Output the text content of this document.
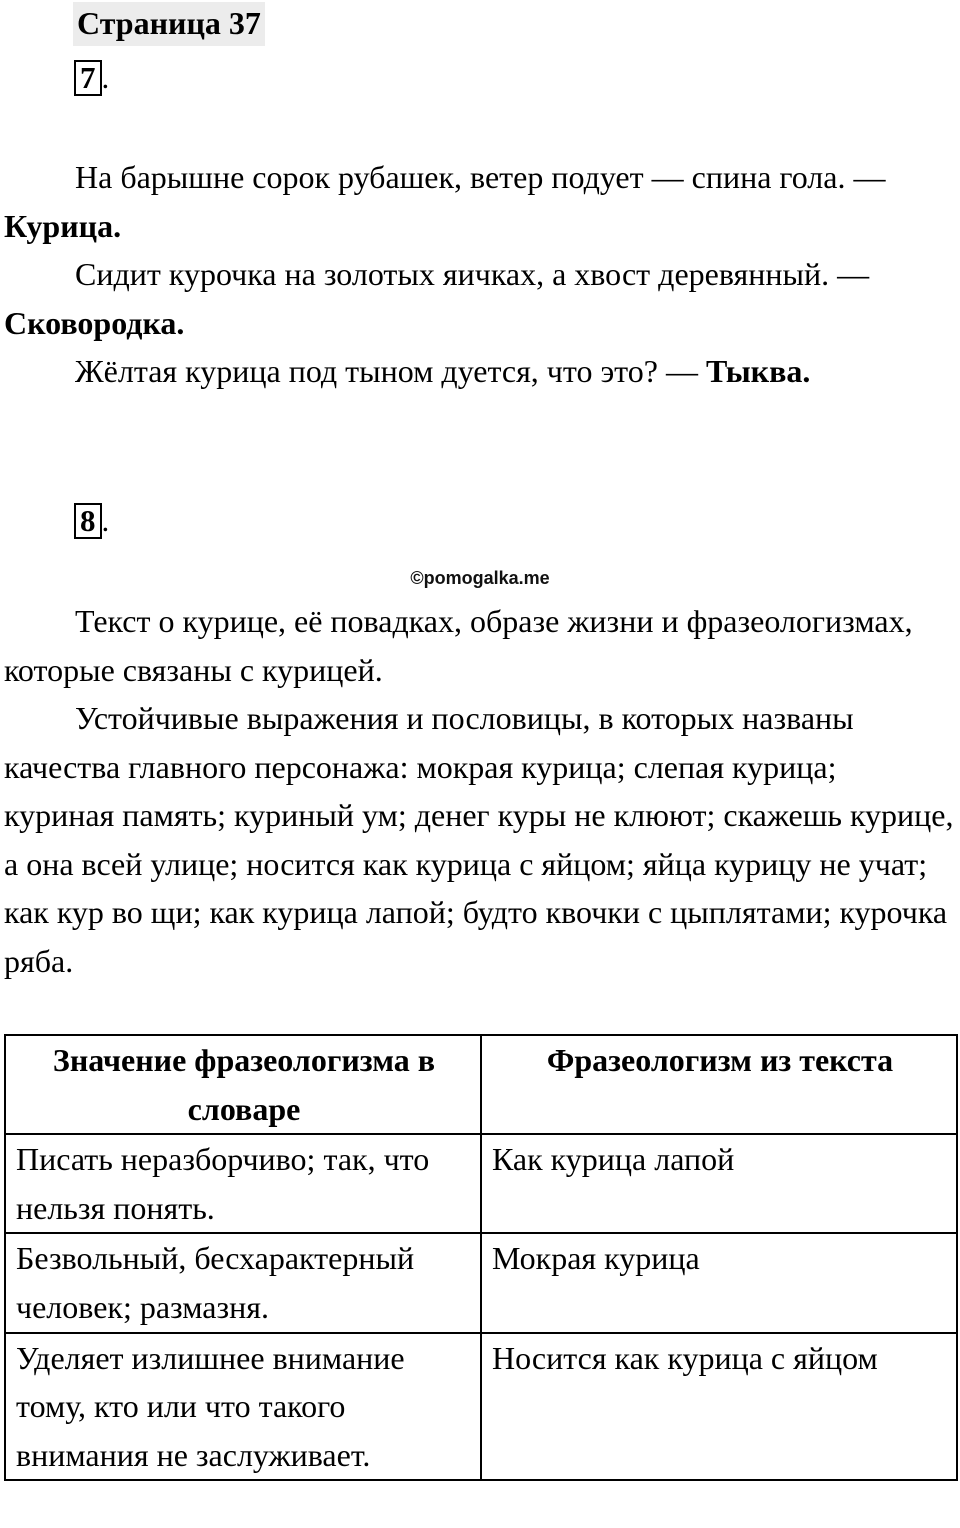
Страница 37
7 .

На барышне сорок рубашек, ветер подует — спина гола. — Курица.

Сидит курочка на золотых яичках, а хвост деревянный. — Сковородка.

Жёлтая курица под тыном дуется, что это? — Тыква.

8 .
©pomogalka.me

Текст о курице, её повадках, образе жизни и фразеологизмах, которые связаны с курицей.

Устойчивые выражения и пословицы, в которых названы качества главного персонажа: мокрая курица; слепая курица; куриная память; куриный ум; денег куры не клюют; скажешь курице, а она всей улице; носится как курица с яйцом; яйца курицу не учат; как кур во щи; как курица лапой; будто квочки с цыплятами; курочка ряба.

Значение фразеологизма в словаре	Фразеологизм из текста
Писать неразборчиво; так, что нельзя понять.	Как курица лапой
Безвольный, бесхарактерный человек; размазня.	Мокрая курица
Уделяет излишнее внимание тому, кто или что такого внимания не заслуживает.	Носится как курица с яйцом
